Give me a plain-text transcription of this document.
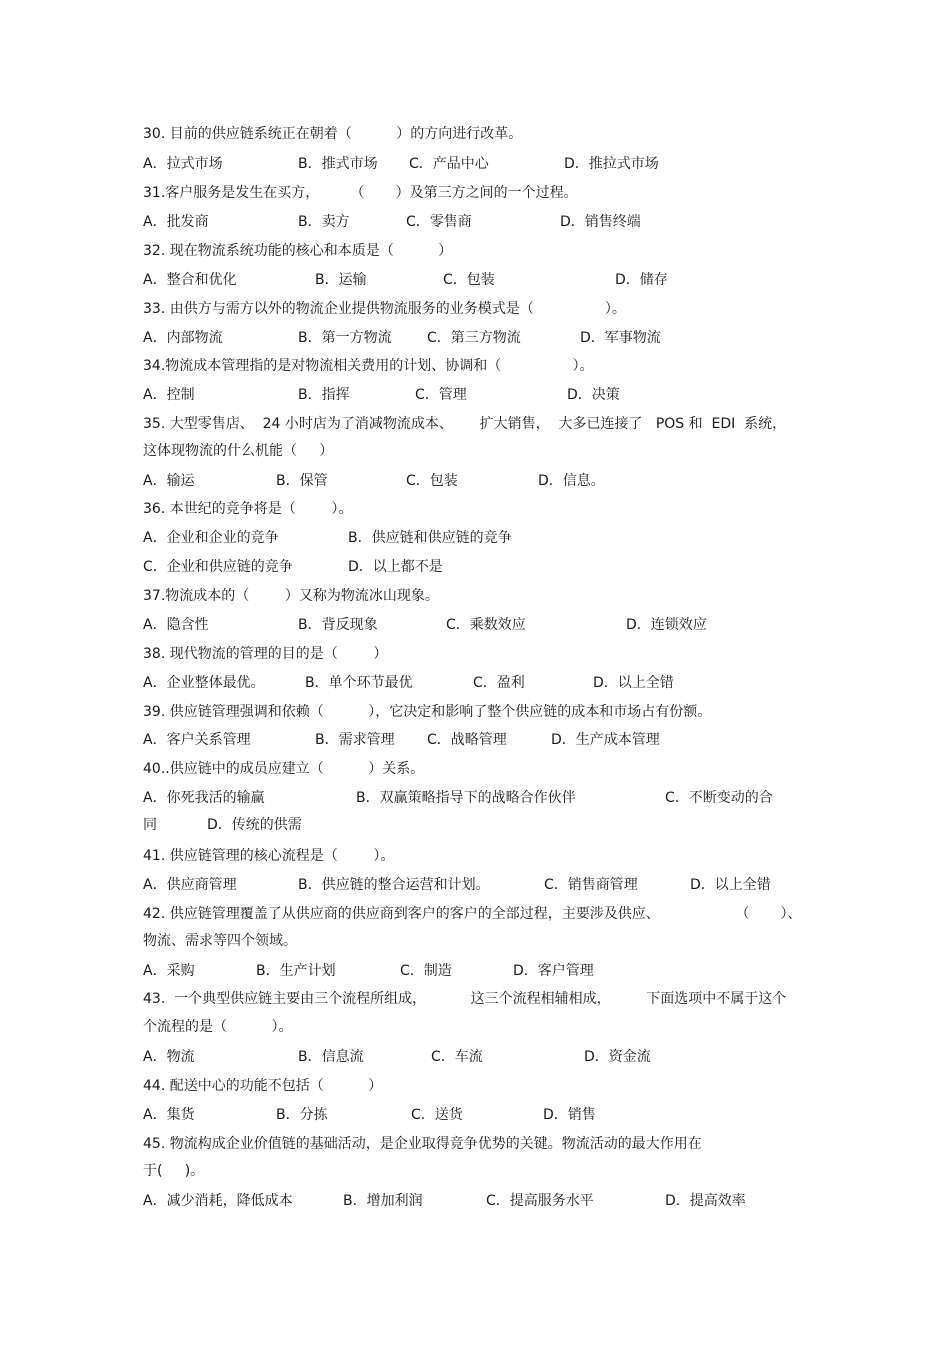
30. 目前的供应链系统正在朝着（          ）的方向进行改革。

A．拉式市场

	B．推式市场

C．产品中心

	D．推拉式市场

31.客户服务是发生在买方，       （       ）及第三方之间的一个过程。

A．批发商

	B．卖方

	C．零售商

	D．销售终端

32. 现在物流系统功能的核心和本质是（          ）

A．整合和优化

	B．运输

	C．包装

	D．储存

33. 由供方与需方以外的物流企业提供物流服务的业务模式是（                ）。

A．内部物流

	B．第一方物流

	C．第三方物流

	D．军事物流

34.物流成本管理指的是对物流相关费用的计划、协调和（                ）。

A．控制

	B．指挥

	C．管理

	D．决策

35. 大型零售店、  24 小时店为了消减物流成本、      扩大销售，  大多已连接了   POS 和  EDI  系统，
这体现物流的什么机能（     ）

A．输运

	B．保管

	C．包装

	D．信息。

36. 本世纪的竞争将是（        ）。

A．企业和企业的竞争

	B．供应链和供应链的竞争

C．企业和供应链的竞争

	D．以上都不是

37.物流成本的（        ）又称为物流冰山现象。

A．隐含性

	B．背反现象

	C．乘数效应

	D．连锁效应

38. 现代物流的管理的目的是（        ）

A．企业整体最优。

	B．单个环节最优

	C．盈利

	D．以上全错

39. 供应链管理强调和依赖（          ），它决定和影响了整个供应链的成本和市场占有份额。

A．客户关系管理

	B．需求管理

C．战略管理

	D．生产成本管理

40..供应链中的成员应建立（          ）关系。

A．你死我活的输赢

	B．双赢策略指导下的战略合作伙伴

	C．不断变动的合

同

	D．传统的供需

41. 供应链管理的核心流程是（        ）。

A．供应商管理

	B．供应链的整合运营和计划。

	C．销售商管理

	D．以上全错

42. 供应链管理覆盖了从供应商的供应商到客户的客户的全部过程，主要涉及供应、                 （       ）、
物流、需求等四个领域。

A．采购

	B．生产计划

	C．制造

	D．客户管理

43.  一个典型供应链主要由三个流程所组成，          这三个流程相辅相成，        下面选项中不属于这个
个流程的是（          ）。

A．物流

	B．信息流

	C．车流

	D．资金流

44. 配送中心的功能不包括（          ）

A．集货

	B．分拣

	C．送货

	D．销售

45. 物流构成企业价值链的基础活动，是企业取得竞争优势的关键。物流活动的最大作用在
于(     )。

A．减少消耗，降低成本

	B．增加利润

	C．提高服务水平

	D．提高效率
